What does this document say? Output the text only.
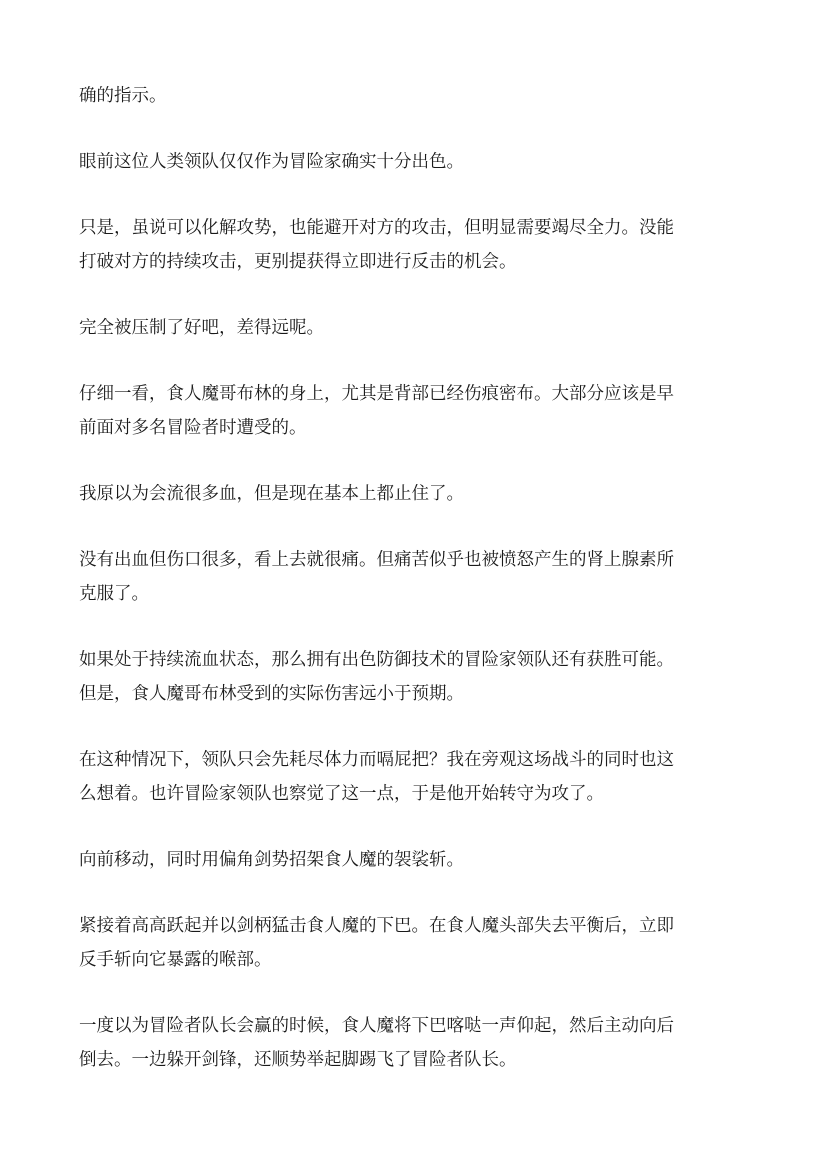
确的指示。

眼前这位人类领队仅仅作为冒险家确实十分出色。

只是，虽说可以化解攻势，也能避开对方的攻击，但明显需要竭尽全力。没能
打破对方的持续攻击，更别提获得立即进行反击的机会。

完全被压制了好吧，差得远呢。

仔细一看，食人魔哥布林的身上，尤其是背部已经伤痕密布。大部分应该是早
前面对多名冒险者时遭受的。

我原以为会流很多血，但是现在基本上都止住了。

没有出血但伤口很多，看上去就很痛。但痛苦似乎也被愤怒产生的肾上腺素所
克服了。

如果处于持续流血状态，那么拥有出色防御技术的冒险家领队还有获胜可能。
但是，食人魔哥布林受到的实际伤害远小于预期。

在这种情况下，领队只会先耗尽体力而嗝屁把？我在旁观这场战斗的同时也这
么想着。也许冒险家领队也察觉了这一点，于是他开始转守为攻了。

向前移动，同时用偏角剑势招架食人魔的袈裟斩。

紧接着高高跃起并以剑柄猛击食人魔的下巴。在食人魔头部失去平衡后，立即
反手斩向它暴露的喉部。

一度以为冒险者队长会赢的时候，食人魔将下巴喀哒一声仰起，然后主动向后
倒去。一边躲开剑锋，还顺势举起脚踢飞了冒险者队长。
